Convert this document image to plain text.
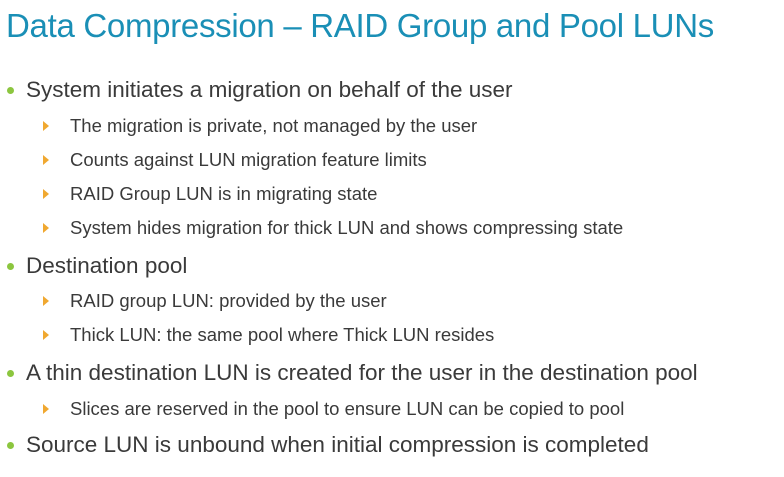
Data Compression – RAID Group and Pool LUNs
System initiates a migration on behalf of the user
The migration is private, not managed by the user
Counts against LUN migration feature limits
RAID Group LUN is in migrating state
System hides migration for thick LUN and shows compressing state
Destination pool
RAID group LUN: provided by the user
Thick LUN: the same pool where Thick LUN resides
A thin destination LUN is created for the user in the destination pool
Slices are reserved in the pool to ensure LUN can be copied to pool
Source LUN is unbound when initial compression is completed
